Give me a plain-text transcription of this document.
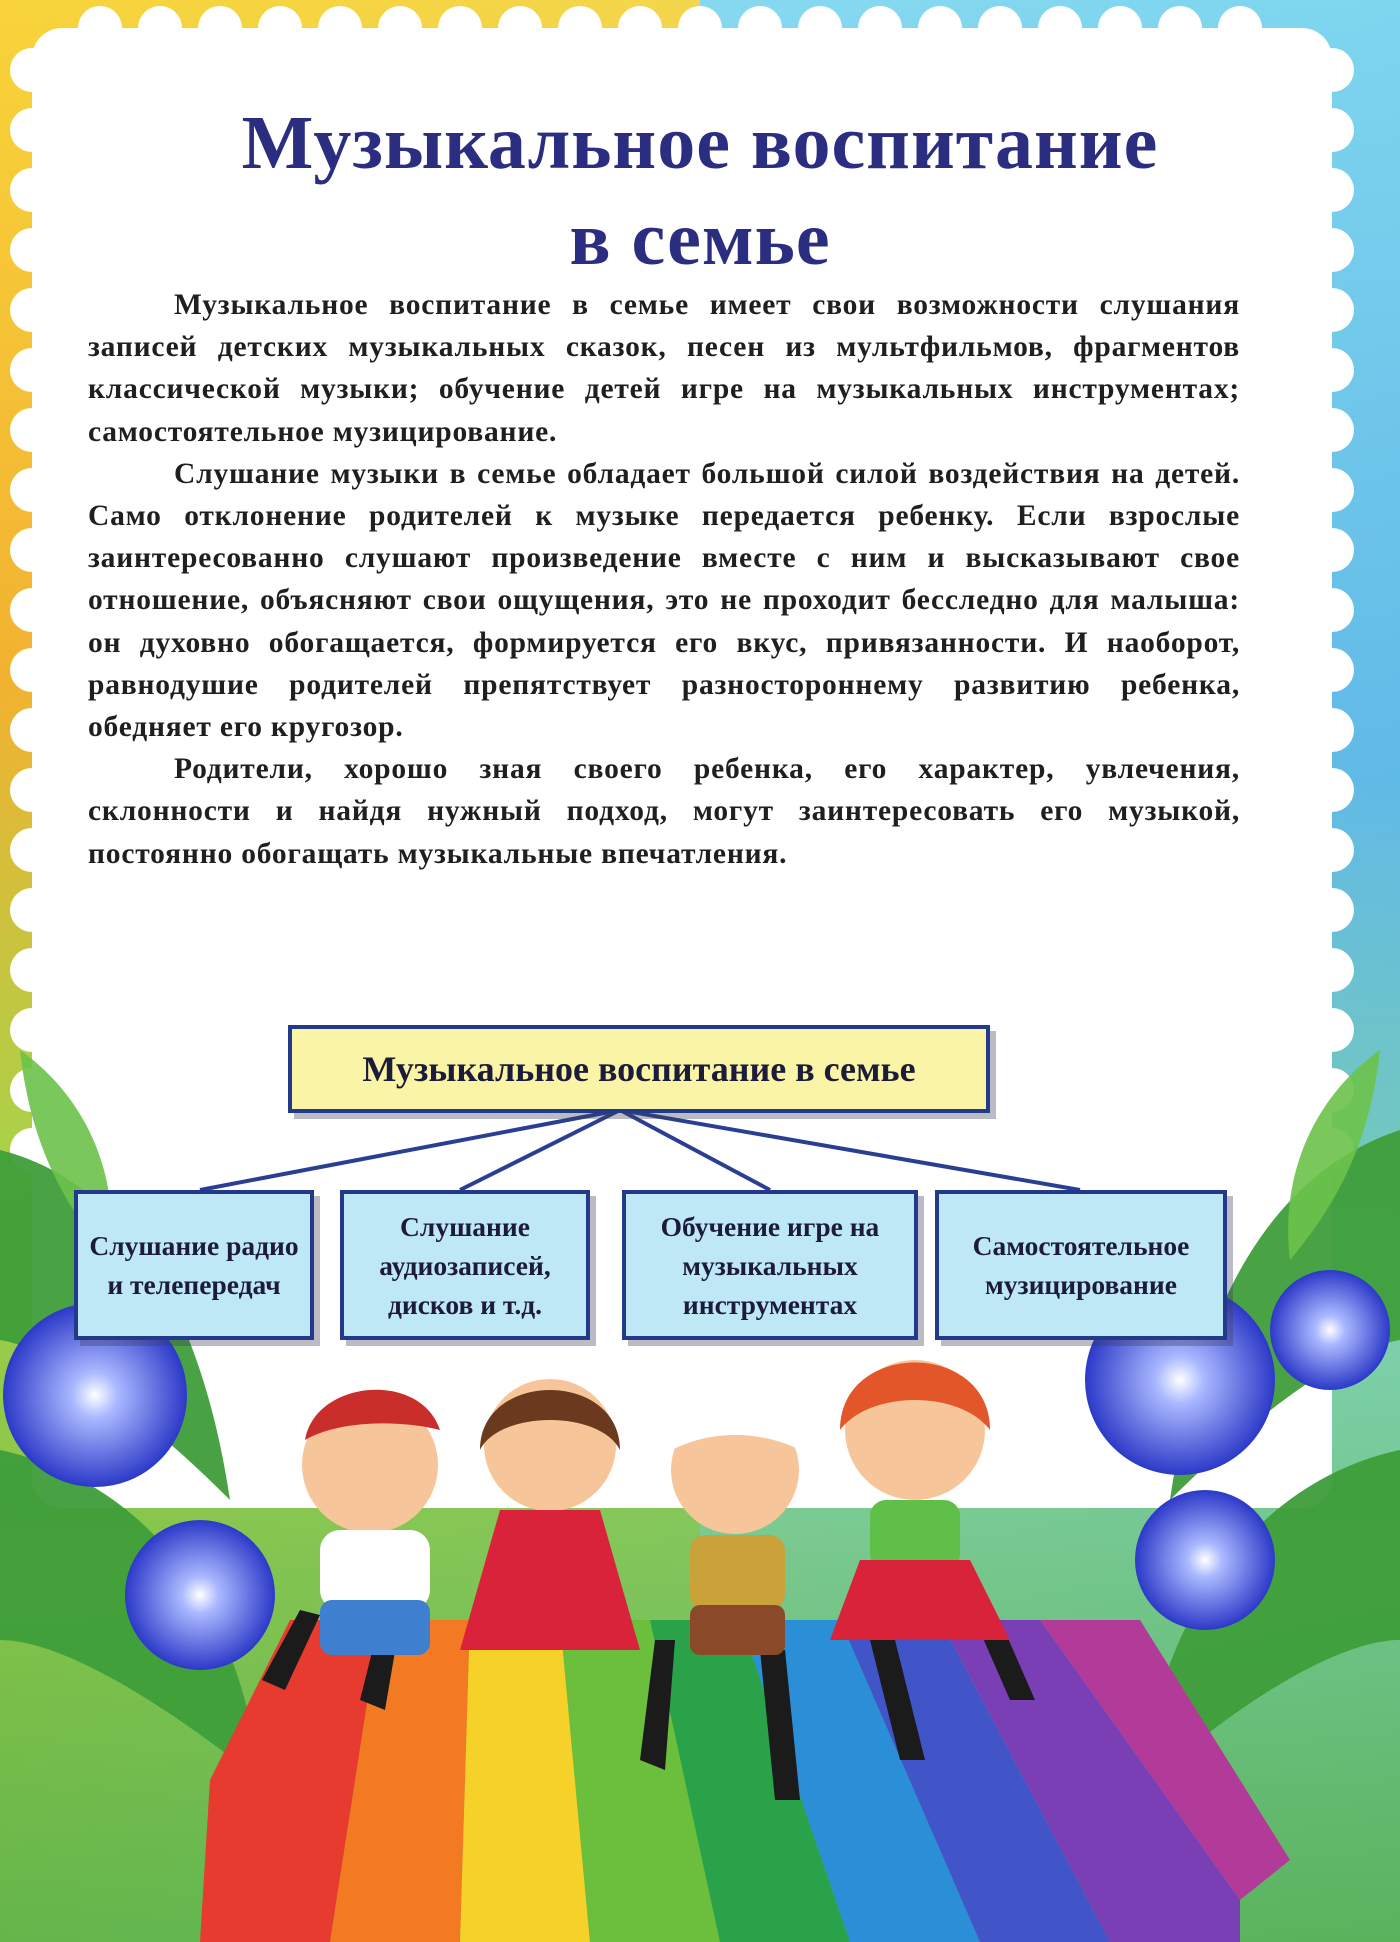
Музыкальное воспитание
в семье

Музыкальное воспитание в семье имеет свои возможности слушания записей детских музыкальных сказок, песен из мультфильмов, фрагментов классической музыки; обучение детей игре на музыкальных инструментах; самостоятельное музицирование.

Слушание музыки в семье обладает большой силой воздействия на детей. Само отклонение родителей к музыке передается ребенку. Если взрослые заинтересованно слушают произведение вместе с ним и высказывают свое отношение, объясняют свои ощущения, это не проходит бесследно для малыша: он духовно обогащается, формируется его вкус, привязанности. И наоборот, равнодушие родителей препятствует разностороннему развитию ребенка, обедняет его кругозор.

Родители, хорошо зная своего ребенка, его характер, увлечения, склонности и найдя нужный подход, могут заинтересовать его музыкой, постоянно обогащать музыкальные впечатления.

Музыкальное воспитание в семье
Слушание радио и телепередач
Слушание аудиозаписей, дисков и т.д.
Обучение игре на музыкальных инструментах
Самостоятельное музицирование
